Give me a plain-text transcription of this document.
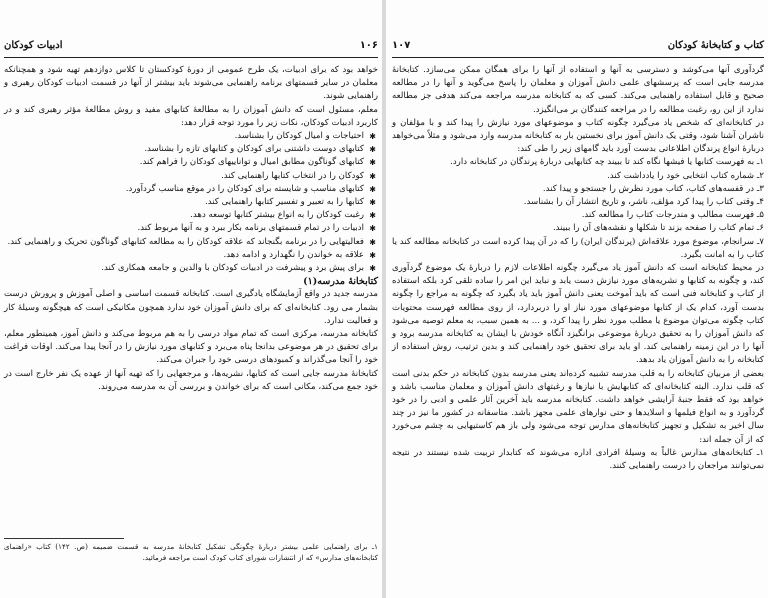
ادبیات کودکان	۱۰۶

خواهد بود که برای ادبیات، یک طرح عمومی از دورهٔ کودکستان تا کلاس دوازدهم تهیه شود و همچنانکه معلمان در سایر قسمتهای برنامه راهنمایی می‌شوند باید بیشتر از آنها در قسمت ادبیات کودکان رهبری و راهنمایی شوند.

معلم، مسئول است که دانش آموزان را به مطالعهٔ کتابهای مفید و روش مطالعهٔ مؤثر رهبری کند و در کاربرد ادبیات کودکان، نکات زیر را مورد توجه قرار دهد:

✱
احتیاجات و امیال کودکان را بشناسد.

✱
کتابهای دوست داشتنی برای کودکان و کتابهای تازه را بشناسد.

✱
کتابهای گوناگون مطابق امیال و تواناییهای کودکان را فراهم کند.

✱
کودکان را در انتخاب کتابها راهنمایی کند.

✱
کتابهای مناسب و شایسته برای کودکان را در موقع مناسب گردآورد.

✱
کتابها را به تعبیر و تفسیر کتابها راهنمایی کند.

✱
رغبت کودکان را به انواع بیشتر کتابها توسعه دهد.

✱
ادبیات را در تمام قسمتهای برنامه بکار ببرد و به آنها مربوط کند.

✱
فعالیتهایی را در برنامه بگنجاند که علاقه کودکان را به مطالعه کتابهای گوناگون تحریک و راهنمایی کند.

✱
علاقه به خواندن را نگهدارد و ادامه دهد.

✱
برای پیش برد و پیشرفت در ادبیات کودکان با والدین و جامعه همکاری کند.

کتابخانهٔ مدرسه(۱)

مدرسه جدید در واقع آزمایشگاه یادگیری است. کتابخانه قسمت اساسی و اصلی آموزش و پرورش درست بشمار می رود. کتابخانه‌ای که برای دانش آموزان خود ندارد همچون مکانیکی است که هیچگونه وسیلهٔ کار و فعالیت ندارد.

کتابخانه مدرسه، مرکزی است که تمام مواد درسی را به هم مربوط می‌کند و دانش آموز، همینطور معلم، برای تحقیق در هر موضوعی بدانجا پناه می‌برد و کتابهای مورد نیازش را در آنجا پیدا می‌کند. اوقات فراغت خود را آنجا می‌گذراند و کمبودهای درسی خود را جبران می‌کند.

کتابخانهٔ مدرسه جایی است که کتابها، نشریه‌ها، و مرجعهایی را که تهیه آنها از عهده یک نفر خارج است در خود جمع می‌کند، مکانی است که برای خواندن و بررسی آن به مدرسه می‌روند.

۱ـ برای راهنمایی علمی بیشتر دربارهٔ چگونگی تشکیل کتابخانهٔ مدرسه به قسمت ضمیمه (ص. ۱۴۲) کتاب «راهنمای کتابخانه‌های مدارس» که از انتشارات شورای کتاب کودک است مراجعه فرمائید.
کتاب و کتابخانهٔ کودکان
۱۰۷

گردآوری آنها می‌کوشد و دسترسی به آنها و استفاده از آنها را برای همگان ممکن می‌سازد. کتابخانهٔ مدرسه جایی است که پرسشهای علمی دانش آموزان و معلمان را پاسخ می‌گوید و آنها را در مطالعه صحیح و قابل استفاده راهنمایی می‌کند. کسی که به کتابخانه مدرسه مراجعه می‌کند هدفی جز مطالعه ندارد از این رو، رغبت مطالعه را در مراجعه کنندگان بر می‌انگیزد.

در کتابخانه‌ای که شخص یاد می‌گیرد چگونه کتاب و موضوعهای مورد نیازش را پیدا کند و با مؤلفان و ناشران آشنا شود، وقتی یک دانش آموز برای نخستین بار به کتابخانه مدرسه وارد می‌شود و مثلاً می‌خواهد دربارهٔ انواع پرندگان اطلاعاتی بدست آورد باید گامهای زیر را طی کند:

۱ـ به فهرست کتابها یا فیشها نگاه کند تا ببیند چه کتابهایی دربارهٔ پرندگان در کتابخانه دارد.

۲ـ شماره کتاب انتخابی خود را یادداشت کند.

۳ـ در قفسه‌های کتاب، کتاب مورد نظرش را جستجو و پیدا کند.

۴ـ وقتی کتاب را پیدا کرد مؤلف، ناشر، و تاریخ انتشار آن را بشناسد.

۵ـ فهرست مطالب و مندرجات کتاب را مطالعه کند.

۶ـ تمام کتاب را صفحه بزند تا شکلها و نقشه‌های آن را ببیند.

۷ـ سرانجام، موضوع مورد علاقه‌اش (پرندگان ایران) را که در آن پیدا کرده است در کتابخانه مطالعه کند یا کتاب را به امانت بگیرد.

در محیط کتابخانه است که دانش آموز یاد می‌گیرد چگونه اطلاعات لازم را دربارهٔ یک موضوع گردآوری کند، و چگونه به کتابها و نشریه‌های مورد نیازش دست یابد و نباید این امر را ساده تلقی کرد بلکه استفاده از کتاب و کتابخانه فنی است که باید آموخت یعنی دانش آموز باید یاد بگیرد که چگونه به مراجع را چگونه بدست آورد، کدام یک از کتابها موضوعهای مورد نیاز او را دربردارد، از روی مطالعه فهرست محتویات کتاب چگونه می‌توان موضوع یا مطلب مورد نظر را پیدا کرد، و ... به همین سبب، به معلم توصیه می‌شود که دانش آموزان را به تحقیق دربارهٔ موضوعی برانگیزد آنگاه خودش با ایشان به کتابخانه مدرسه برود و آنها را در این زمینه راهنمایی کند. او باید برای تحقیق خود راهنمایی کند و بدین ترتیب، روش استفاده از کتابخانه را به دانش آموزان یاد بدهد.

بعضی از مربیان کتابخانه را به قلب مدرسه تشبیه کرده‌اند یعنی مدرسه بدون کتابخانه در حکم بدنی است که قلب ندارد. البته کتابخانه‌ای که کتابهایش با نیازها و رغبتهای دانش آموزان و معلمان مناسب باشد و خواهد بود که فقط جنبهٔ آرایشی خواهد داشت. کتابخانه مدرسه باید آخرین آثار علمی و ادبی را در خود گردآورد و به انواع فیلمها و اسلایدها و حتی نوارهای علمی مجهز باشد. متاسفانه در کشور ما نیز در چند سال اخیر به تشکیل و تجهیز کتابخانه‌های مدارس توجه می‌شود ولی باز هم کاستیهایی به چشم می‌خورد که از آن جمله اند:

۱ـ کتابخانه‌های مدارس غالباً به وسیلهٔ افرادی اداره می‌شوند که کتابدار تربیت شده نیستند در نتیجه نمی‌توانند مراجعان را درست راهنمایی کنند.
